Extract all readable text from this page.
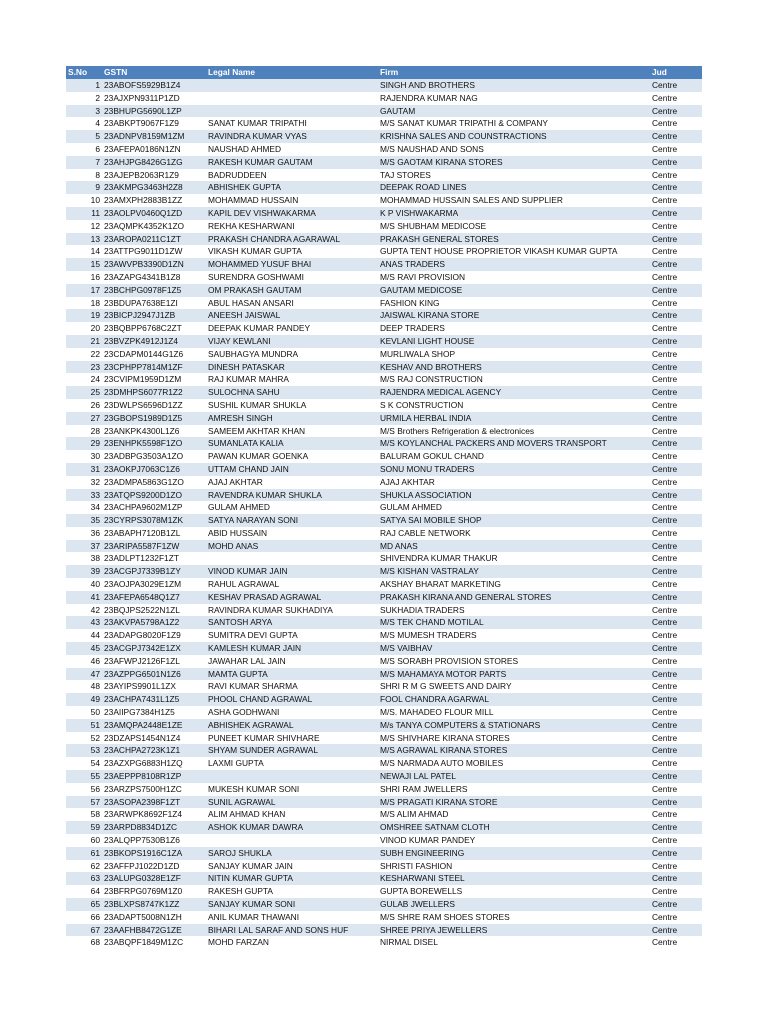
S.No	GSTN	Legal Name	Firm	Jud
1	23ABOFS5929B1Z4		SINGH AND BROTHERS	Centre
2	23AJXPN9311P1ZD		RAJENDRA KUMAR NAG	Centre
3	23BHUPG5690L1ZP		GAUTAM	Centre
4	23ABKPT9067F1Z9	SANAT KUMAR TRIPATHI	M/S SANAT KUMAR TRIPATHI & COMPANY	Centre
5	23ADNPV8159M1ZM	RAVINDRA KUMAR VYAS	KRISHNA SALES AND COUNSTRACTIONS	Centre
6	23AFEPA0186N1ZN	NAUSHAD AHMED	M/S NAUSHAD AND SONS	Centre
7	23AHJPG8426G1ZG	RAKESH KUMAR GAUTAM	M/S GAOTAM KIRANA STORES	Centre
8	23AJEPB2063R1Z9	BADRUDDEEN	TAJ STORES	Centre
9	23AKMPG3463H2Z8	ABHISHEK GUPTA	DEEPAK ROAD LINES	Centre
10	23AMXPH2883B1ZZ	MOHAMMAD HUSSAIN	MOHAMMAD HUSSAIN SALES AND SUPPLIER	Centre
11	23AOLPV0460Q1ZD	KAPIL DEV VISHWAKARMA	K P VISHWAKARMA	Centre
12	23AQMPK4352K1ZO	REKHA KESHARWANI	M/S SHUBHAM MEDICOSE	Centre
13	23AROPA0211C1ZT	PRAKASH CHANDRA AGARAWAL	PRAKASH GENERAL STORES	Centre
14	23ATTPG9011D1ZW	VIKASH KUMAR GUPTA	GUPTA TENT HOUSE PROPRIETOR VIKASH KUMAR GUPTA	Centre
15	23AWVPB3390D1ZN	MOHAMMED YUSUF BHAI	ANAS TRADERS	Centre
16	23AZAPG4341B1Z8	SURENDRA GOSHWAMI	M/S RAVI PROVISION	Centre
17	23BCHPG0978F1Z5	OM PRAKASH GAUTAM	GAUTAM MEDICOSE	Centre
18	23BDUPA7638E1ZI	ABUL HASAN ANSARI	FASHION KING	Centre
19	23BICPJ2947J1ZB	ANEESH JAISWAL	JAISWAL KIRANA STORE	Centre
20	23BQBPP6768C2ZT	DEEPAK KUMAR PANDEY	DEEP TRADERS	Centre
21	23BVZPK4912J1Z4	VIJAY KEWLANI	KEVLANI LIGHT HOUSE	Centre
22	23CDAPM0144G1Z6	SAUBHAGYA MUNDRA	MURLIWALA SHOP	Centre
23	23CPHPP7814M1ZF	DINESH PATASKAR	KESHAV AND BROTHERS	Centre
24	23CVIPM1959D1ZM	RAJ KUMAR MAHRA	M/S RAJ CONSTRUCTION	Centre
25	23DMHPS6077R1Z2	SULOCHNA SAHU	RAJENDRA MEDICAL AGENCY	Centre
26	23DWLPS6596D1ZZ	SUSHIL KUMAR SHUKLA	S K CONSTRUCTION	Centre
27	23GBOPS1989D1Z5	AMRESH SINGH	URMILA HERBAL INDIA	Centre
28	23ANKPK4300L1Z6	SAMEEM AKHTAR KHAN	M/S Brothers Refrigeration & electronices	Centre
29	23ENHPK5598F1ZO	SUMANLATA KALIA	M/S KOYLANCHAL PACKERS AND MOVERS TRANSPORT	Centre
30	23ADBPG3503A1ZO	PAWAN KUMAR GOENKA	BALURAM GOKUL CHAND	Centre
31	23AOKPJ7063C1Z6	UTTAM CHAND JAIN	SONU MONU TRADERS	Centre
32	23ADMPA5863G1ZO	AJAJ AKHTAR	AJAJ AKHTAR	Centre
33	23ATQPS9200D1ZO	RAVENDRA KUMAR SHUKLA	SHUKLA ASSOCIATION	Centre
34	23ACHPA9602M1ZP	GULAM AHMED	GULAM AHMED	Centre
35	23CYRPS3078M1ZK	SATYA NARAYAN SONI	SATYA SAI MOBILE SHOP	Centre
36	23ABAPH7120B1ZL	ABID HUSSAIN	RAJ CABLE NETWORK	Centre
37	23ARIPA5587F1ZW	MOHD ANAS	MD ANAS	Centre
38	23ADLPT1232F1ZT		SHIVENDRA KUMAR THAKUR	Centre
39	23ACGPJ7339B1ZY	VINOD KUMAR JAIN	M/S KISHAN VASTRALAY	Centre
40	23AOJPA3029E1ZM	RAHUL AGRAWAL	AKSHAY BHARAT MARKETING	Centre
41	23AFEPA6548Q1Z7	KESHAV PRASAD AGRAWAL	PRAKASH KIRANA AND GENERAL STORES	Centre
42	23BQJPS2522N1ZL	RAVINDRA KUMAR SUKHADIYA	SUKHADIA TRADERS	Centre
43	23AKVPA5798A1Z2	SANTOSH ARYA	M/S TEK CHAND MOTILAL	Centre
44	23ADAPG8020F1Z9	SUMITRA DEVI GUPTA	M/S MUMESH TRADERS	Centre
45	23ACGPJ7342E1ZX	KAMLESH KUMAR JAIN	M/S VAIBHAV	Centre
46	23AFWPJ2126F1ZL	JAWAHAR LAL JAIN	M/S SORABH PROVISION STORES	Centre
47	23AZPPG6501N1Z6	MAMTA GUPTA	M/S MAHAMAYA MOTOR PARTS	Centre
48	23AYIPS9901L1ZX	RAVI KUMAR SHARMA	SHRI R M G SWEETS AND DAIRY	Centre
49	23ACHPA7431L1Z5	PHOOL CHAND AGRAWAL	FOOL CHANDRA AGARWAL	Centre
50	23AIIPG7384H1Z5	ASHA GODHWANI	M/S. MAHADEO FLOUR MILL	Centre
51	23AMQPA2448E1ZE	ABHISHEK AGRAWAL	M/s TANYA COMPUTERS & STATIONARS	Centre
52	23DZAPS1454N1Z4	PUNEET KUMAR SHIVHARE	M/S SHIVHARE KIRANA STORES	Centre
53	23ACHPA2723K1Z1	SHYAM SUNDER AGRAWAL	M/S AGRAWAL KIRANA STORES	Centre
54	23AZXPG6883H1ZQ	LAXMI GUPTA	M/S NARMADA AUTO MOBILES	Centre
55	23AEPPP8108R1ZP		NEWAJI LAL PATEL	Centre
56	23ARZPS7500H1ZC	MUKESH KUMAR SONI	SHRI RAM JWELLERS	Centre
57	23ASOPA2398F1ZT	SUNIL AGRAWAL	M/S PRAGATI KIRANA STORE	Centre
58	23ARWPK8692F1Z4	ALIM AHMAD KHAN	M/S ALIM AHMAD	Centre
59	23ARPD8834D1ZC	ASHOK KUMAR DAWRA	OMSHREE SATNAM CLOTH	Centre
60	23ALQPP7530B1Z6		VINOD KUMAR PANDEY	Centre
61	23BKOPS1916C1ZA	SAROJ SHUKLA	SUBH ENGINEERING	Centre
62	23AFFPJ1022D1ZD	SANJAY KUMAR JAIN	SHRISTI FASHION	Centre
63	23ALUPG0328E1ZF	NITIN KUMAR GUPTA	KESHARWANI STEEL	Centre
64	23BFRPG0769M1Z0	RAKESH GUPTA	GUPTA BOREWELLS	Centre
65	23BLXPS8747K1ZZ	SANJAY KUMAR SONI	GULAB JWELLERS	Centre
66	23ADAPT5008N1ZH	ANIL KUMAR THAWANI	M/S SHRE RAM SHOES STORES	Centre
67	23AAFHB8472G1ZE	BIHARI LAL SARAF AND SONS HUF	SHREE PRIYA JEWELLERS	Centre
68	23ABQPF1849M1ZC	MOHD FARZAN	NIRMAL DISEL	Centre
